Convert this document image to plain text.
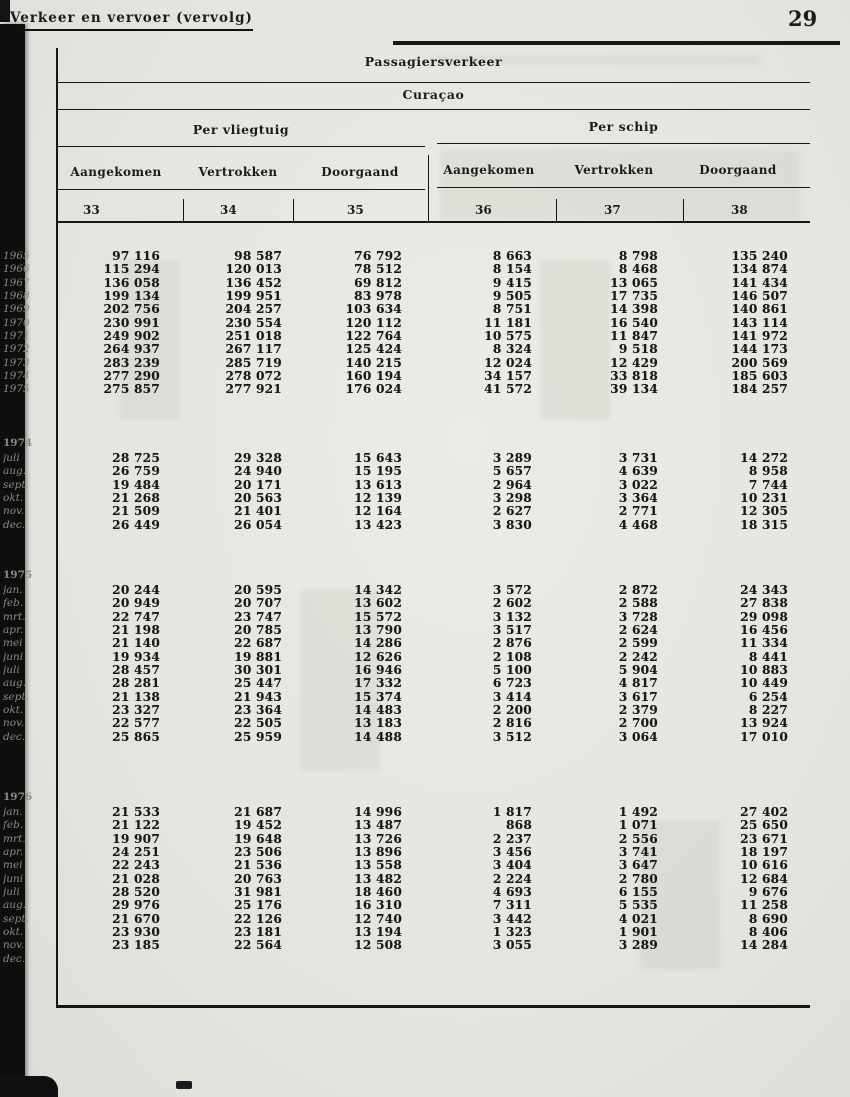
Verkeer en vervoer (vervolg)	29
Passagiersverkeer
Curaçao
Per vliegtuig	Per schip
Aangekomen	Vertrokken	Doorgaand	Aangekomen	Vertrokken	Doorgaand
33	34	35	36	37	38
1965	97 116	98 587	76 792	8 663	8 798	135 240
1966	115 294	120 013	78 512	8 154	8 468	134 874
1967	136 058	136 452	69 812	9 415	13 065	141 434
1968	199 134	199 951	83 978	9 505	17 735	146 507
1969	202 756	204 257	103 634	8 751	14 398	140 861
1970	230 991	230 554	120 112	11 181	16 540	143 114
1971	249 902	251 018	122 764	10 575	11 847	141 972
1972	264 937	267 117	125 424	8 324	9 518	144 173
1973	283 239	285 719	140 215	12 024	12 429	200 569
1974	277 290	278 072	160 194	34 157	33 818	185 603
1975	275 857	277 921	176 024	41 572	39 134	184 257
1974
juli	28 725	29 328	15 643	3 289	3 731	14 272
aug.	26 759	24 940	15 195	5 657	4 639	8 958
sept.	19 484	20 171	13 613	2 964	3 022	7 744
okt.	21 268	20 563	12 139	3 298	3 364	10 231
nov.	21 509	21 401	12 164	2 627	2 771	12 305
dec.	26 449	26 054	13 423	3 830	4 468	18 315
1975
jan.	20 244	20 595	14 342	3 572	2 872	24 343
feb.	20 949	20 707	13 602	2 602	2 588	27 838
mrt.	22 747	23 747	15 572	3 132	3 728	29 098
apr.	21 198	20 785	13 790	3 517	2 624	16 456
mei	21 140	22 687	14 286	2 876	2 599	11 334
juni	19 934	19 881	12 626	2 108	2 242	8 441
juli	28 457	30 301	16 946	5 100	5 904	10 883
aug.	28 281	25 447	17 332	6 723	4 817	10 449
sept.	21 138	21 943	15 374	3 414	3 617	6 254
okt.	23 327	23 364	14 483	2 200	2 379	8 227
nov.	22 577	22 505	13 183	2 816	2 700	13 924
dec.	25 865	25 959	14 488	3 512	3 064	17 010
1976
jan.	21 533	21 687	14 996	1 817	1 492	27 402
feb.	21 122	19 452	13 487	868	1 071	25 650
mrt.	19 907	19 648	13 726	2 237	2 556	23 671
apr.	24 251	23 506	13 896	3 456	3 741	18 197
mei	22 243	21 536	13 558	3 404	3 647	10 616
juni	21 028	20 763	13 482	2 224	2 780	12 684
juli	28 520	31 981	18 460	4 693	6 155	9 676
aug.	29 976	25 176	16 310	7 311	5 535	11 258
sept.	21 670	22 126	12 740	3 442	4 021	8 690
okt.	23 930	23 181	13 194	1 323	1 901	8 406
nov.	23 185	22 564	12 508	3 055	3 289	14 284
dec.
